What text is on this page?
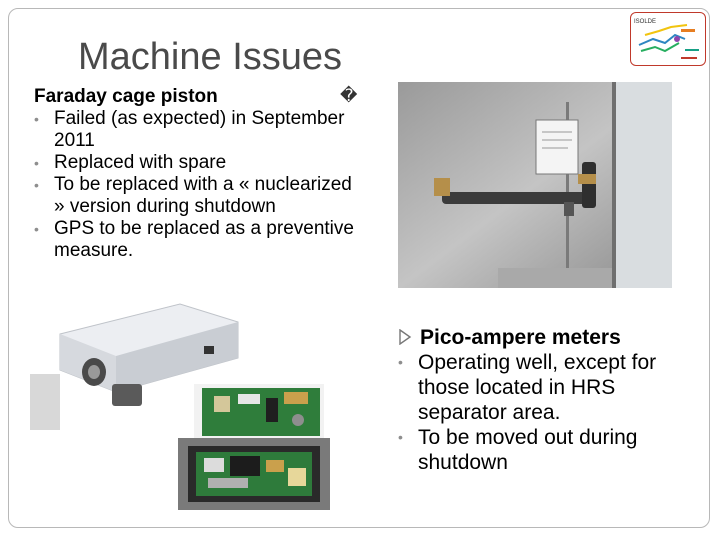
Machine Issues
ISOLDE
Faraday cage piston
• Failed (as expected) in September 2011
• Replaced with spare
• To be replaced with a « nuclearized » version during shutdown
• GPS to be replaced as a preventive measure.
�
Pico-ampere meters
• Operating well, except for those located in HRS separator area.
• To be moved out during shutdown
